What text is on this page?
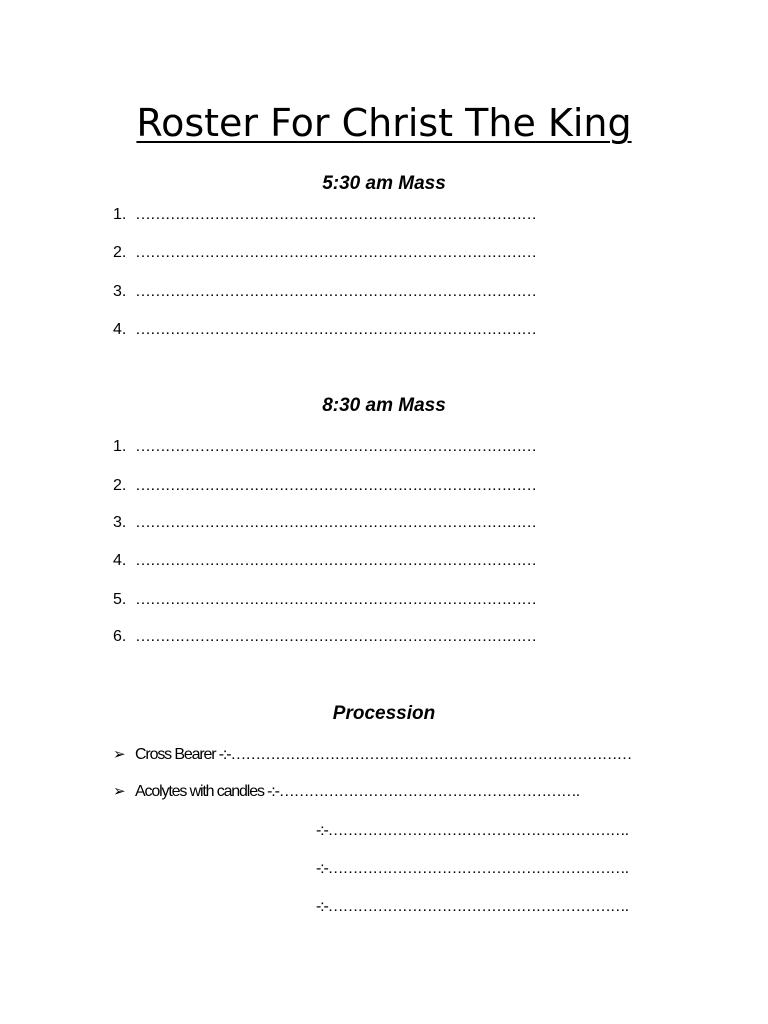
Roster For Christ The King
5:30 am Mass
1. ………………………………………………………………………
2. ………………………………………………………………………
3. ………………………………………………………………………
4. ………………………………………………………………………
8:30 am Mass
1. ………………………………………………………………………
2. ………………………………………………………………………
3. ………………………………………………………………………
4. ………………………………………………………………………
5. ………………………………………………………………………
6. ………………………………………………………………………
Procession
➢ Cross Bearer -:-………………………………………………………………………
➢ Acolytes with candles -:-…………………………………………………….
-:-…………………………………………………….
-:-…………………………………………………….
-:-…………………………………………………….
